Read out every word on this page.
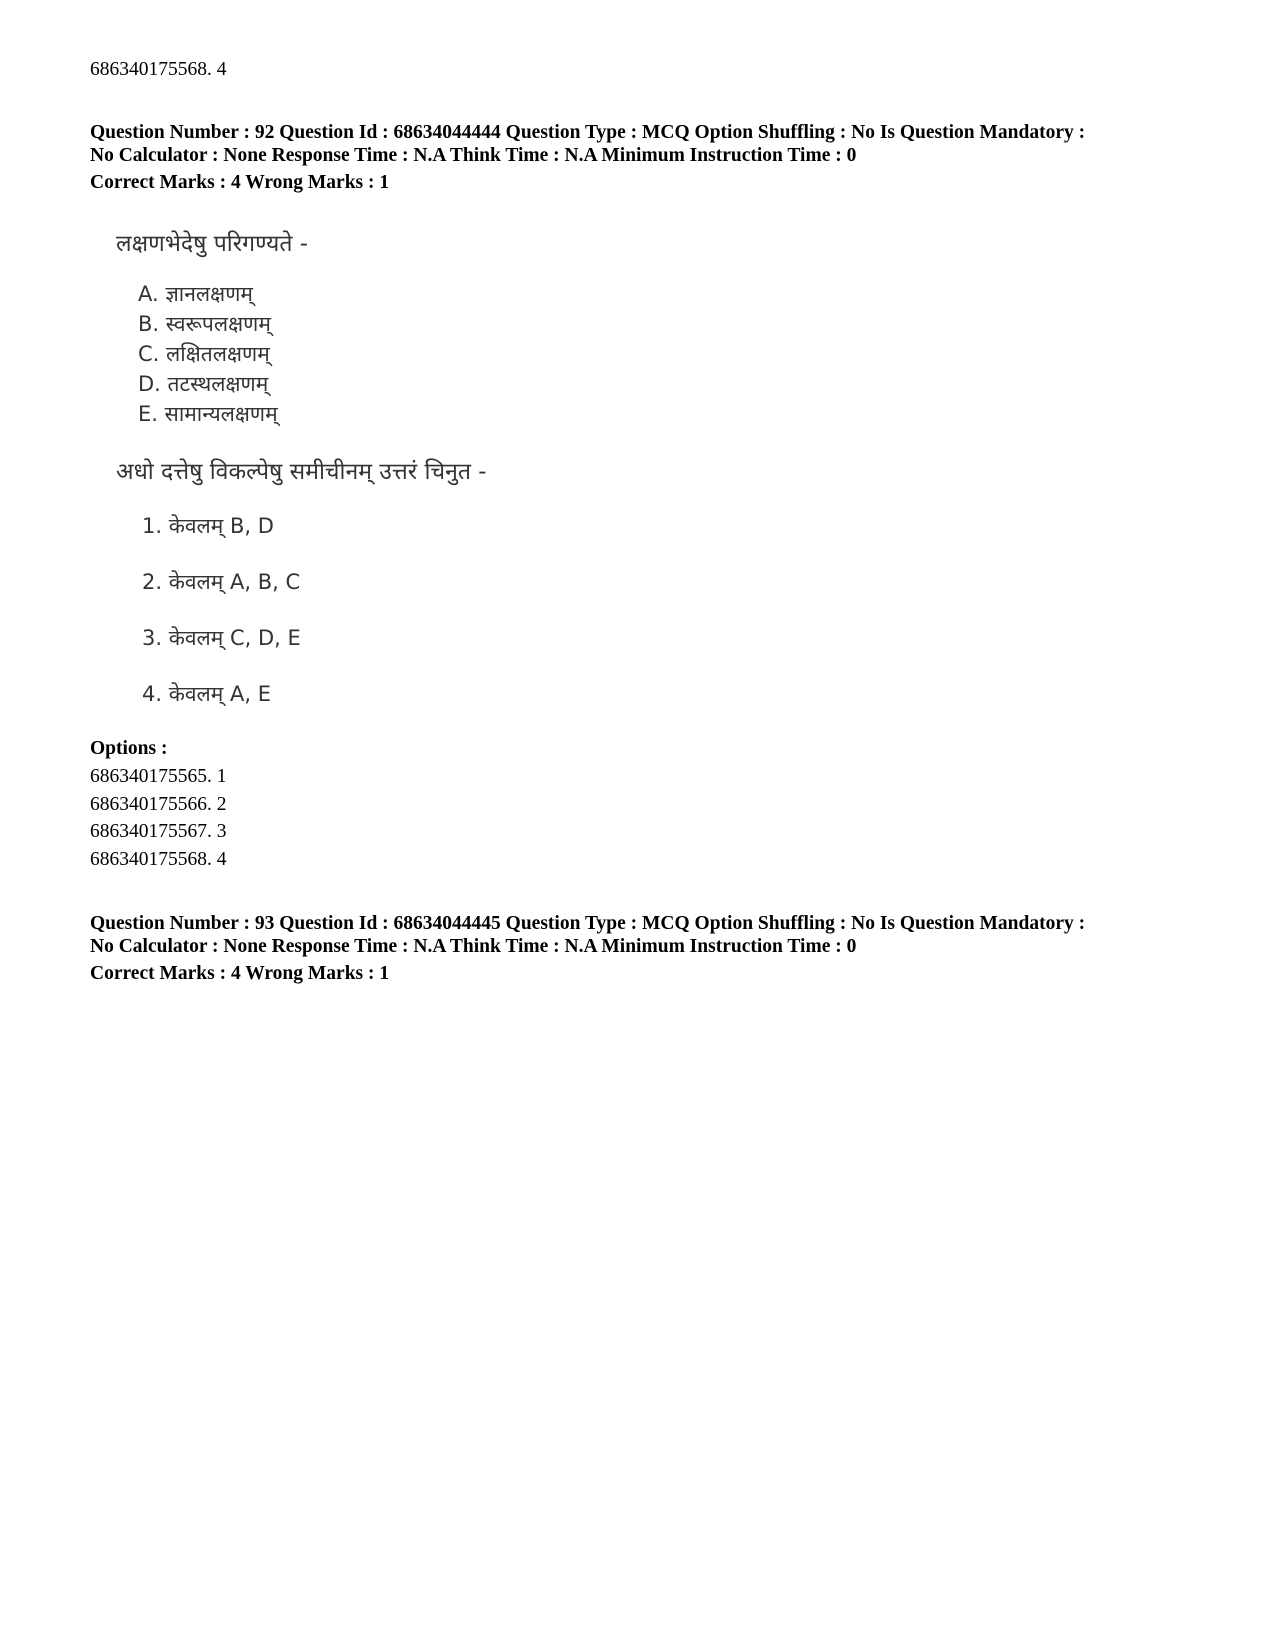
686340175568. 4
Question Number : 92 Question Id : 68634044444 Question Type : MCQ Option Shuffling : No Is Question Mandatory :
No Calculator : None Response Time : N.A Think Time : N.A Minimum Instruction Time : 0
Correct Marks : 4 Wrong Marks : 1
लक्षणभेदेषु परिगण्यते -
A. ज्ञानलक्षणम्
B. स्वरूपलक्षणम्
C. लक्षितलक्षणम्
D. तटस्थलक्षणम्
E. सामान्यलक्षणम्
अधो दत्तेषु विकल्पेषु समीचीनम् उत्तरं चिनुत -
1. केवलम् B, D
2. केवलम् A, B, C
3. केवलम् C, D, E
4. केवलम् A, E
Options :
686340175565. 1
686340175566. 2
686340175567. 3
686340175568. 4
Question Number : 93 Question Id : 68634044445 Question Type : MCQ Option Shuffling : No Is Question Mandatory :
No Calculator : None Response Time : N.A Think Time : N.A Minimum Instruction Time : 0
Correct Marks : 4 Wrong Marks : 1
